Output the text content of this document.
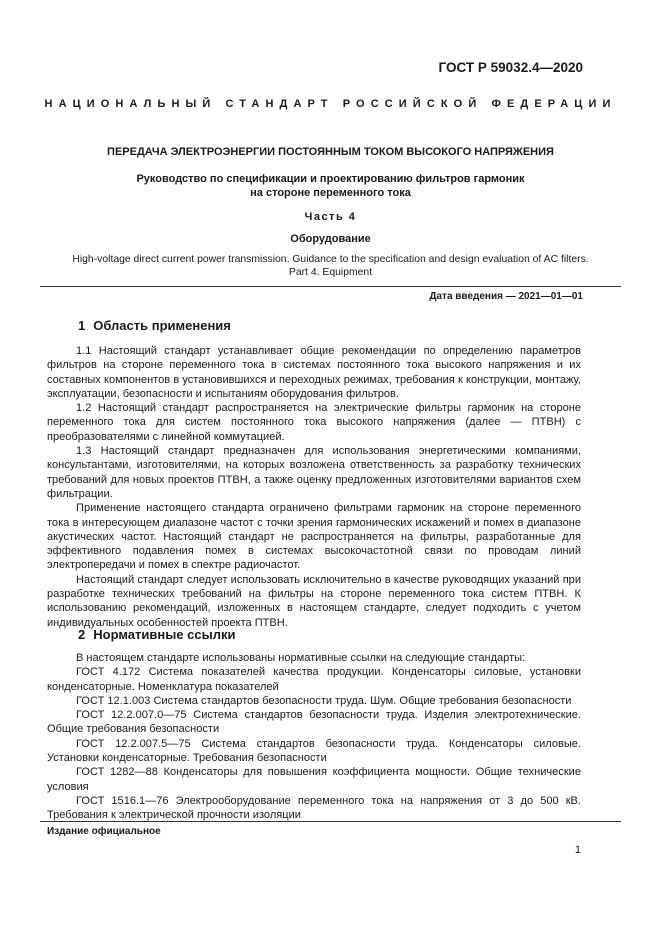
ГОСТ Р 59032.4—2020
НАЦИОНАЛЬНЫЙ СТАНДАРТ РОССИЙСКОЙ ФЕДЕРАЦИИ
ПЕРЕДАЧА ЭЛЕКТРОЭНЕРГИИ ПОСТОЯННЫМ ТОКОМ ВЫСОКОГО НАПРЯЖЕНИЯ
Руководство по спецификации и проектированию фильтров гармоник
на стороне переменного тока
Часть 4
Оборудование
High-voltage direct current power transmission. Guidance to the specification and design evaluation of AC filters.
Part 4. Equipment
Дата введения — 2021—01—01
1 Область применения

1.1 Настоящий стандарт устанавливает общие рекомендации по определению параметров фильтров на стороне переменного тока в системах постоянного тока высокого напряжения и их составных компонентов в установившихся и переходных режимах, требования к конструкции, монтажу, эксплуатации, безопасности и испытаниям оборудования фильтров.

1.2 Настоящий стандарт распространяется на электрические фильтры гармоник на стороне переменного тока для систем постоянного тока высокого напряжения (далее — ПТВН) с преобразователями с линейной коммутацией.

1.3 Настоящий стандарт предназначен для использования энергетическими компаниями, консультантами, изготовителями, на которых возложена ответственность за разработку технических требований для новых проектов ПТВН, а также оценку предложенных изготовителями вариантов схем фильтрации.

Применение настоящего стандарта ограничено фильтрами гармоник на стороне переменного тока в интересующем диапазоне частот с точки зрения гармонических искажений и помех в диапазоне акустических частот. Настоящий стандарт не распространяется на фильтры, разработанные для эффективного подавления помех в системах высокочастотной связи по проводам линий электропередачи и помех в спектре радиочастот.

Настоящий стандарт следует использовать исключительно в качестве руководящих указаний при разработке технических требований на фильтры на стороне переменного тока систем ПТВН. К использованию рекомендаций, изложенных в настоящем стандарте, следует подходить с учетом индивидуальных особенностей проекта ПТВН.

2 Нормативные ссылки

В настоящем стандарте использованы нормативные ссылки на следующие стандарты:

ГОСТ 4.172 Система показателей качества продукции. Конденсаторы силовые, установки конденсаторные. Номенклатура показателей

ГОСТ 12.1.003 Система стандартов безопасности труда. Шум. Общие требования безопасности

ГОСТ 12.2.007.0—75 Система стандартов безопасности труда. Изделия электротехнические. Общие требования безопасности

ГОСТ 12.2.007.5—75 Система стандартов безопасности труда. Конденсаторы силовые. Установки конденсаторные. Требования безопасности

ГОСТ 1282—88 Конденсаторы для повышения коэффициента мощности. Общие технические условия

ГОСТ 1516.1—76 Электрооборудование переменного тока на напряжения от 3 до 500 кВ. Требования к электрической прочности изоляции

Издание официальное
1
